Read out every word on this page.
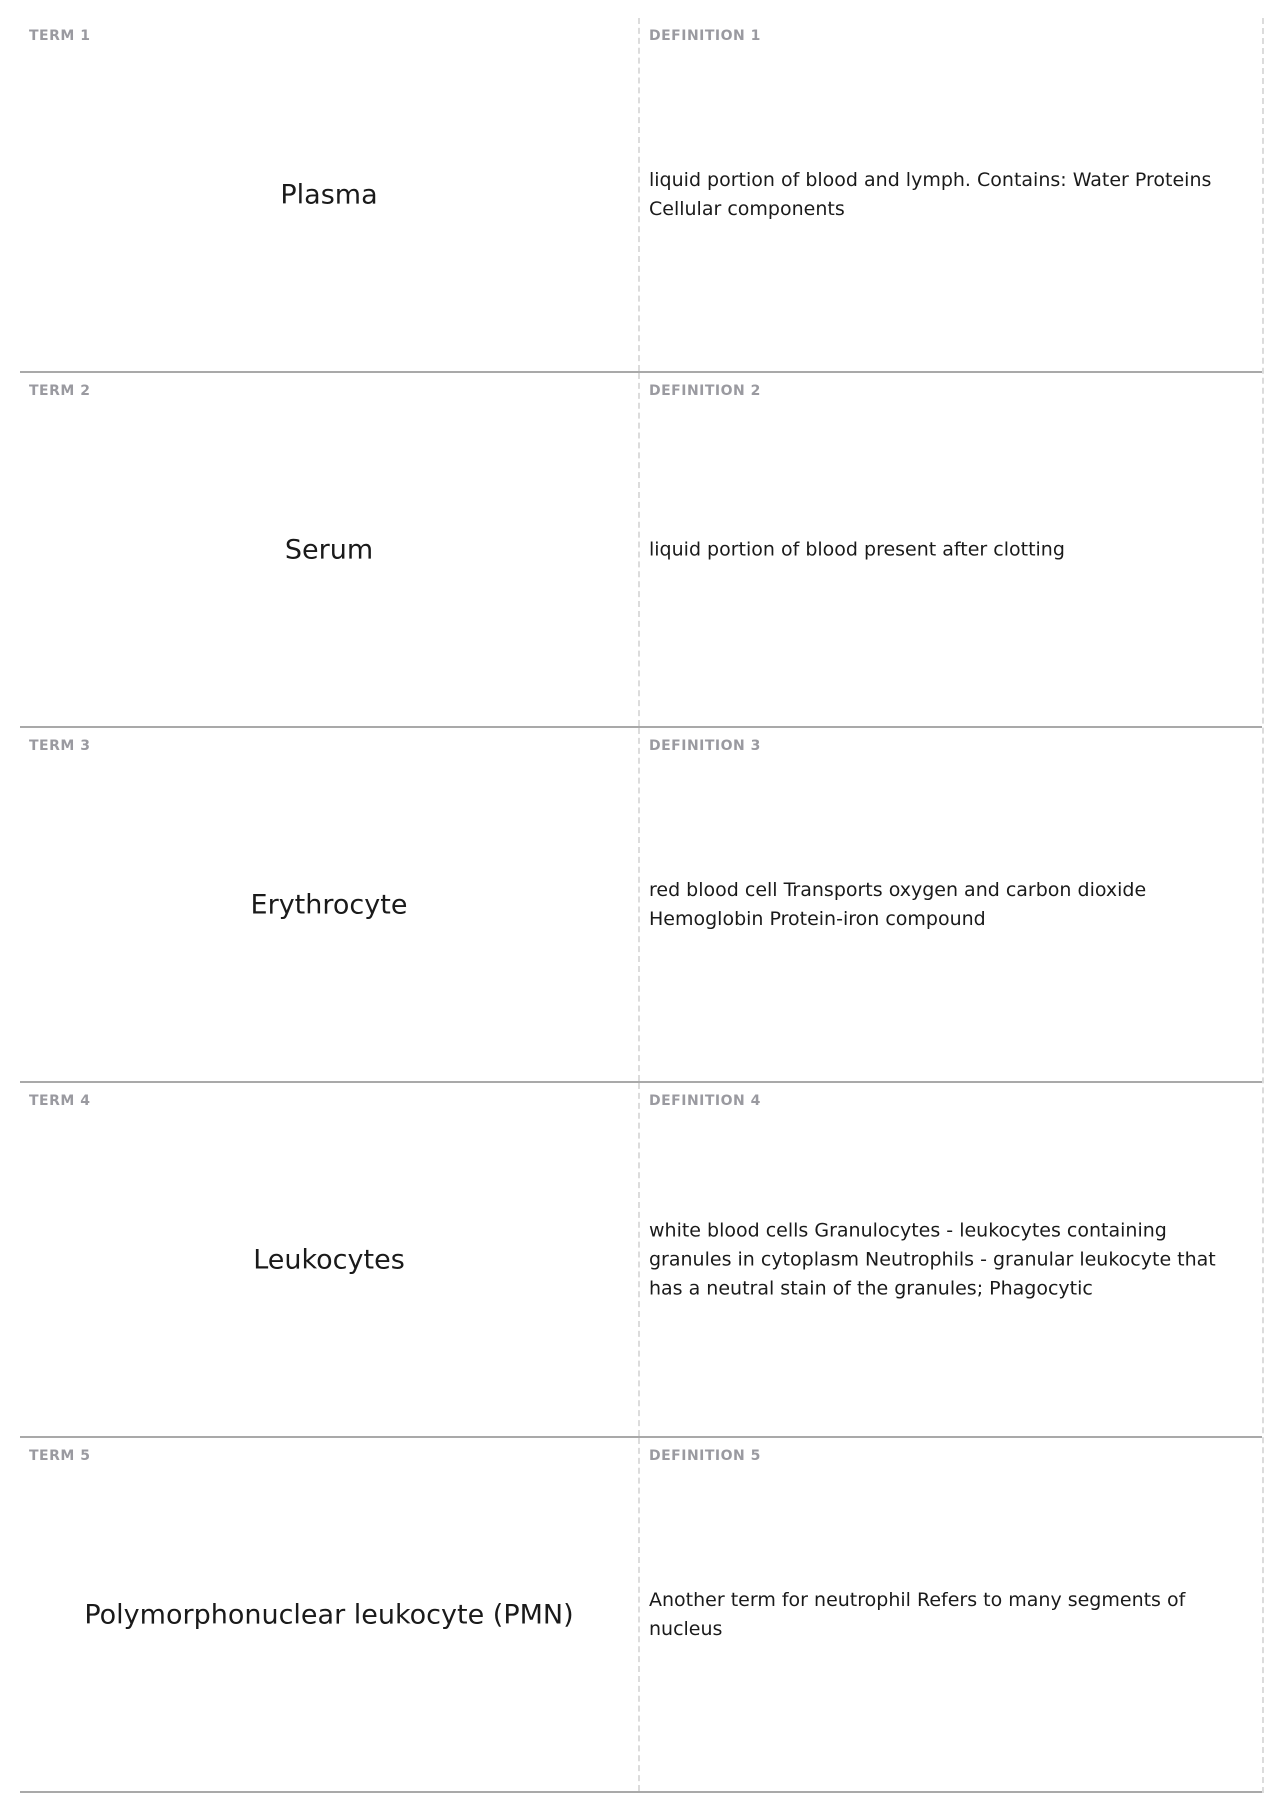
TERM 1
Plasma
DEFINITION 1
liquid portion of blood and lymph. Contains: Water Proteins Cellular components
TERM 2
Serum
DEFINITION 2
liquid portion of blood present after clotting
TERM 3
Erythrocyte
DEFINITION 3
red blood cell Transports oxygen and carbon dioxide Hemoglobin Protein-iron compound
TERM 4
Leukocytes
DEFINITION 4
white blood cells Granulocytes - leukocytes containing granules in cytoplasm Neutrophils - granular leukocyte that has a neutral stain of the granules; Phagocytic
TERM 5
Polymorphonuclear leukocyte (PMN)
DEFINITION 5
Another term for neutrophil Refers to many segments of nucleus
